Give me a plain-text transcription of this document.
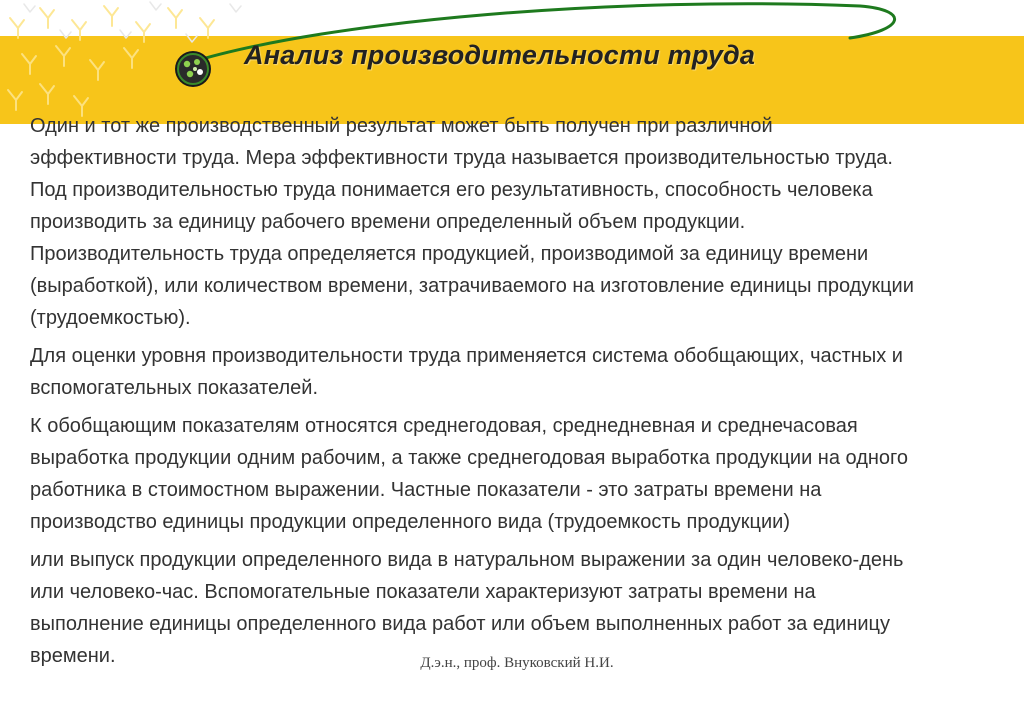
Анализ производительности труда

Один и тот же производственный результат может быть получен при различной
эффективности труда. Мера эффективности труда называется производительностью труда.
Под производительностью труда понимается его результативность, способность человека
производить за единицу рабочего времени определенный объем продукции.
Производительность труда определяется продукцией, производимой за единицу времени
(выработкой), или количеством времени, затрачиваемого на изготовление единицы продукции
(трудоемкостью).

Для оценки уровня производительности труда применяется система обобщающих, частных и
вспомогательных показателей.

К обобщающим показателям относятся среднегодовая, среднедневная и среднечасовая
выработка продукции одним рабочим, а также среднегодовая выработка продукции на одного
работника в стоимостном выражении. Частные показатели - это затраты времени на
производство единицы продукции определенного вида (трудоемкость продукции)

или выпуск продукции определенного вида в натуральном выражении за один человеко-день
или человеко-час. Вспомогательные показатели характеризуют затраты времени на
выполнение единицы определенного вида работ или объем выполненных работ за единицу
времени.	Д.э.н., проф. Внуковский Н.И.
